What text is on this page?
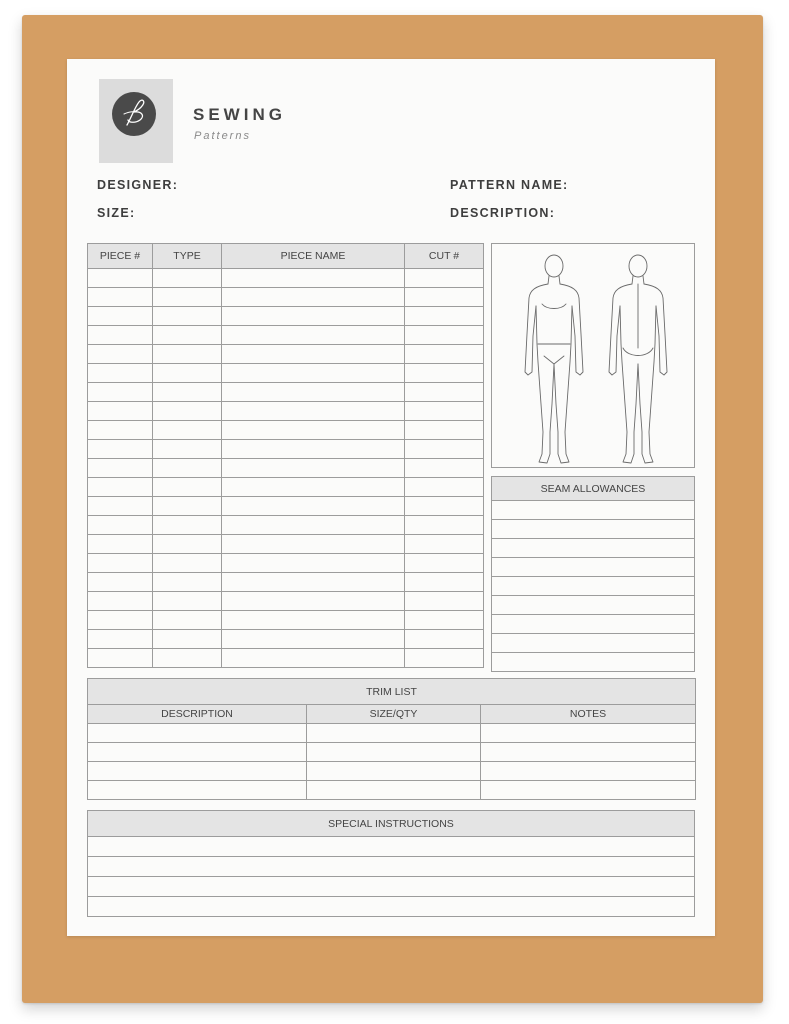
SEWING
Patterns
DESIGNER:	PATTERN NAME:
SIZE:	DESCRIPTION:
PIECE #	TYPE	PIECE NAME	CUT #

SEAM ALLOWANCES

TRIM LIST		
DESCRIPTION	SIZE/QTY	NOTES

SPECIAL INSTRUCTIONS
